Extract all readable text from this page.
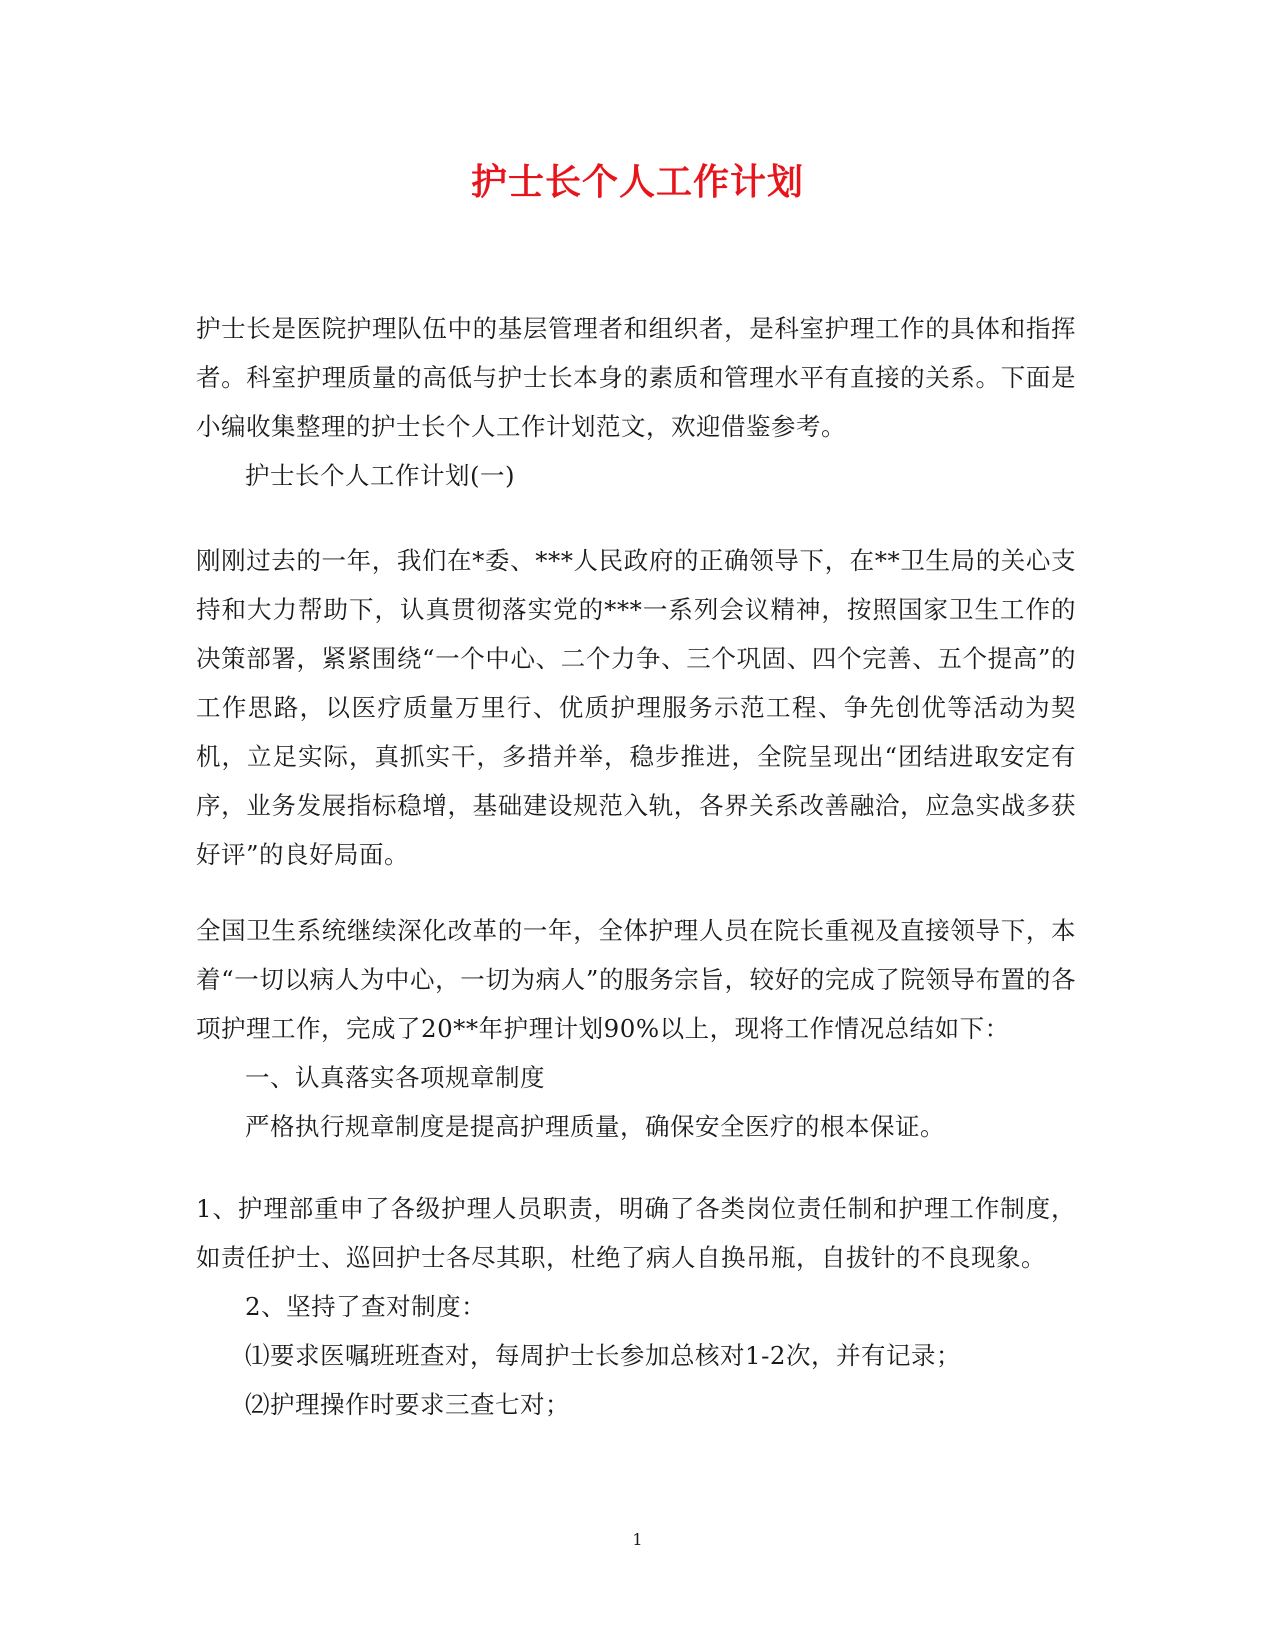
护士长个人工作计划

护士长是医院护理队伍中的基层管理者和组织者，是科室护理工作的具体和指挥者。科室护理质量的高低与护士长本身的素质和管理水平有直接的关系。下面是小编收集整理的护士长个人工作计划范文，欢迎借鉴参考。

护士长个人工作计划(一)

刚刚过去的一年，我们在*委、***人民政府的正确领导下，在**卫生局的关心支持和大力帮助下，认真贯彻落实党的***一系列会议精神，按照国家卫生工作的决策部署，紧紧围绕“一个中心、二个力争、三个巩固、四个完善、五个提高”的工作思路，以医疗质量万里行、优质护理服务示范工程、争先创优等活动为契机，立足实际，真抓实干，多措并举，稳步推进，全院呈现出“团结进取安定有序，业务发展指标稳增，基础建设规范入轨，各界关系改善融洽，应急实战多获好评”的良好局面。

全国卫生系统继续深化改革的一年，全体护理人员在院长重视及直接领导下，本着“一切以病人为中心，一切为病人”的服务宗旨，较好的完成了院领导布置的各项护理工作，完成了20**年护理计划90%以上，现将工作情况总结如下：

一、认真落实各项规章制度

严格执行规章制度是提高护理质量，确保安全医疗的根本保证。

1、护理部重申了各级护理人员职责，明确了各类岗位责任制和护理工作制度，如责任护士、巡回护士各尽其职，杜绝了病人自换吊瓶，自拔针的不良现象。

2、坚持了查对制度：

⑴要求医嘱班班查对，每周护士长参加总核对1-2次，并有记录；

⑵护理操作时要求三查七对；

1
